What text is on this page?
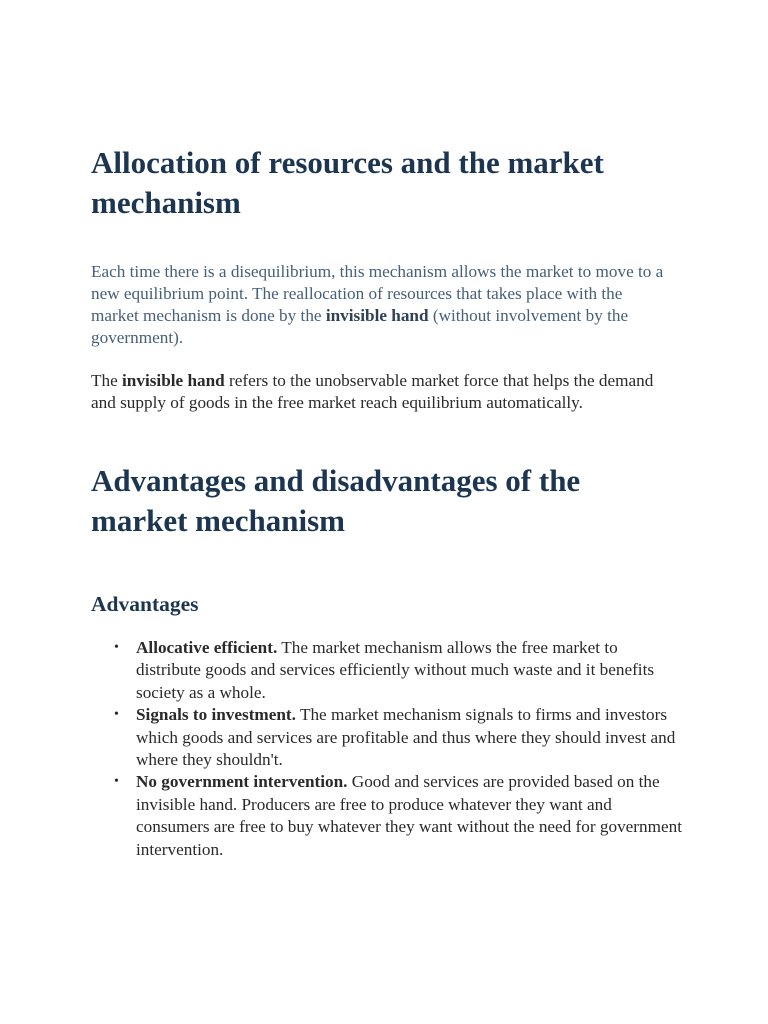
Allocation of resources and the market mechanism

Each time there is a disequilibrium, this mechanism allows the market to move to a new equilibrium point. The reallocation of resources that takes place with the market mechanism is done by the invisible hand (without involvement by the government).

The invisible hand refers to the unobservable market force that helps the demand and supply of goods in the free market reach equilibrium automatically.

Advantages and disadvantages of the market mechanism
Advantages
• Allocative efficient. The market mechanism allows the free market to distribute goods and services efficiently without much waste and it benefits society as a whole.
• Signals to investment. The market mechanism signals to firms and investors which goods and services are profitable and thus where they should invest and where they shouldn't.
• No government intervention. Good and services are provided based on the invisible hand. Producers are free to produce whatever they want and consumers are free to buy whatever they want without the need for government intervention.
